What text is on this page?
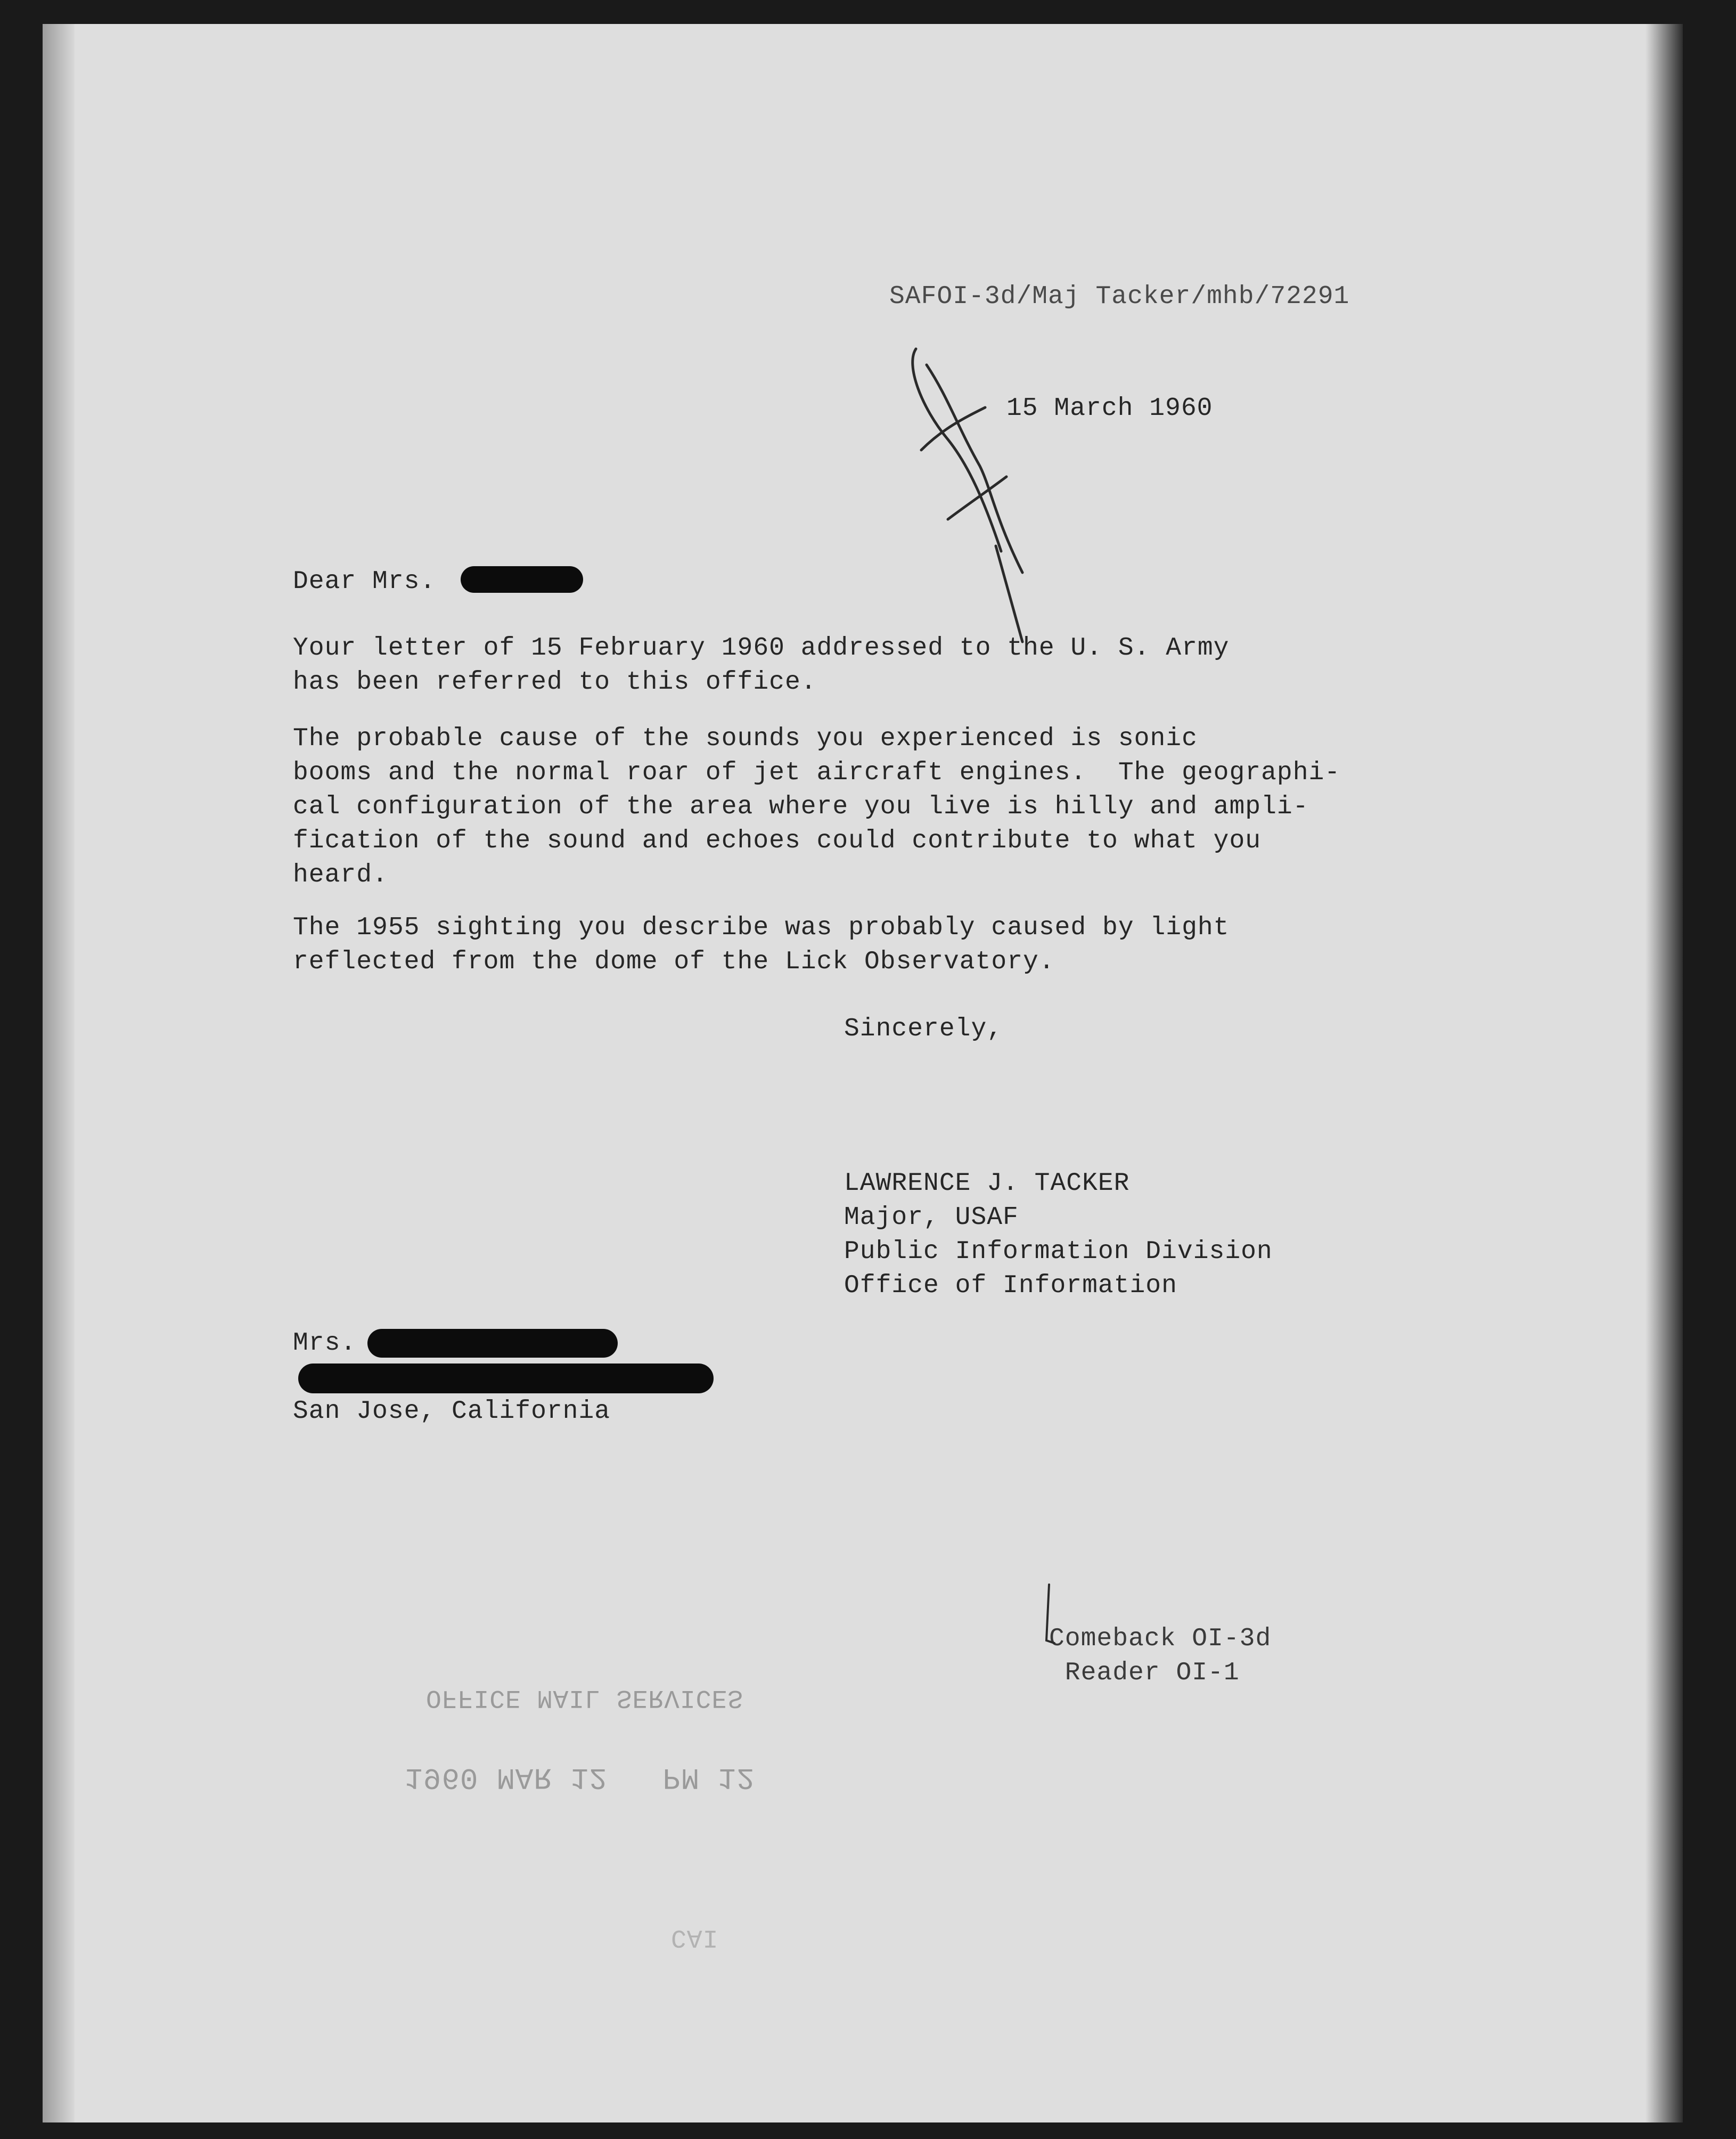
SAFOI-3d/Maj Tacker/mhb/72291

15 March 1960

Dear Mrs.

Your letter of 15 February 1960 addressed to the U. S. Army
has been referred to this office.

The probable cause of the sounds you experienced is sonic
booms and the normal roar of jet aircraft engines.  The geographi-
cal configuration of the area where you live is hilly and ampli-
fication of the sound and echoes could contribute to what you
heard.

The 1955 sighting you describe was probably caused by light
reflected from the dome of the Lick Observatory.

Sincerely,

LAWRENCE J. TACKER
Major, USAF
Public Information Division
Office of Information

Mrs.

San Jose, California

Comeback OI-3d
Reader OI-1

OFFICE MAIL SERVICES

1960 MAR 12   PM 12

CAI
